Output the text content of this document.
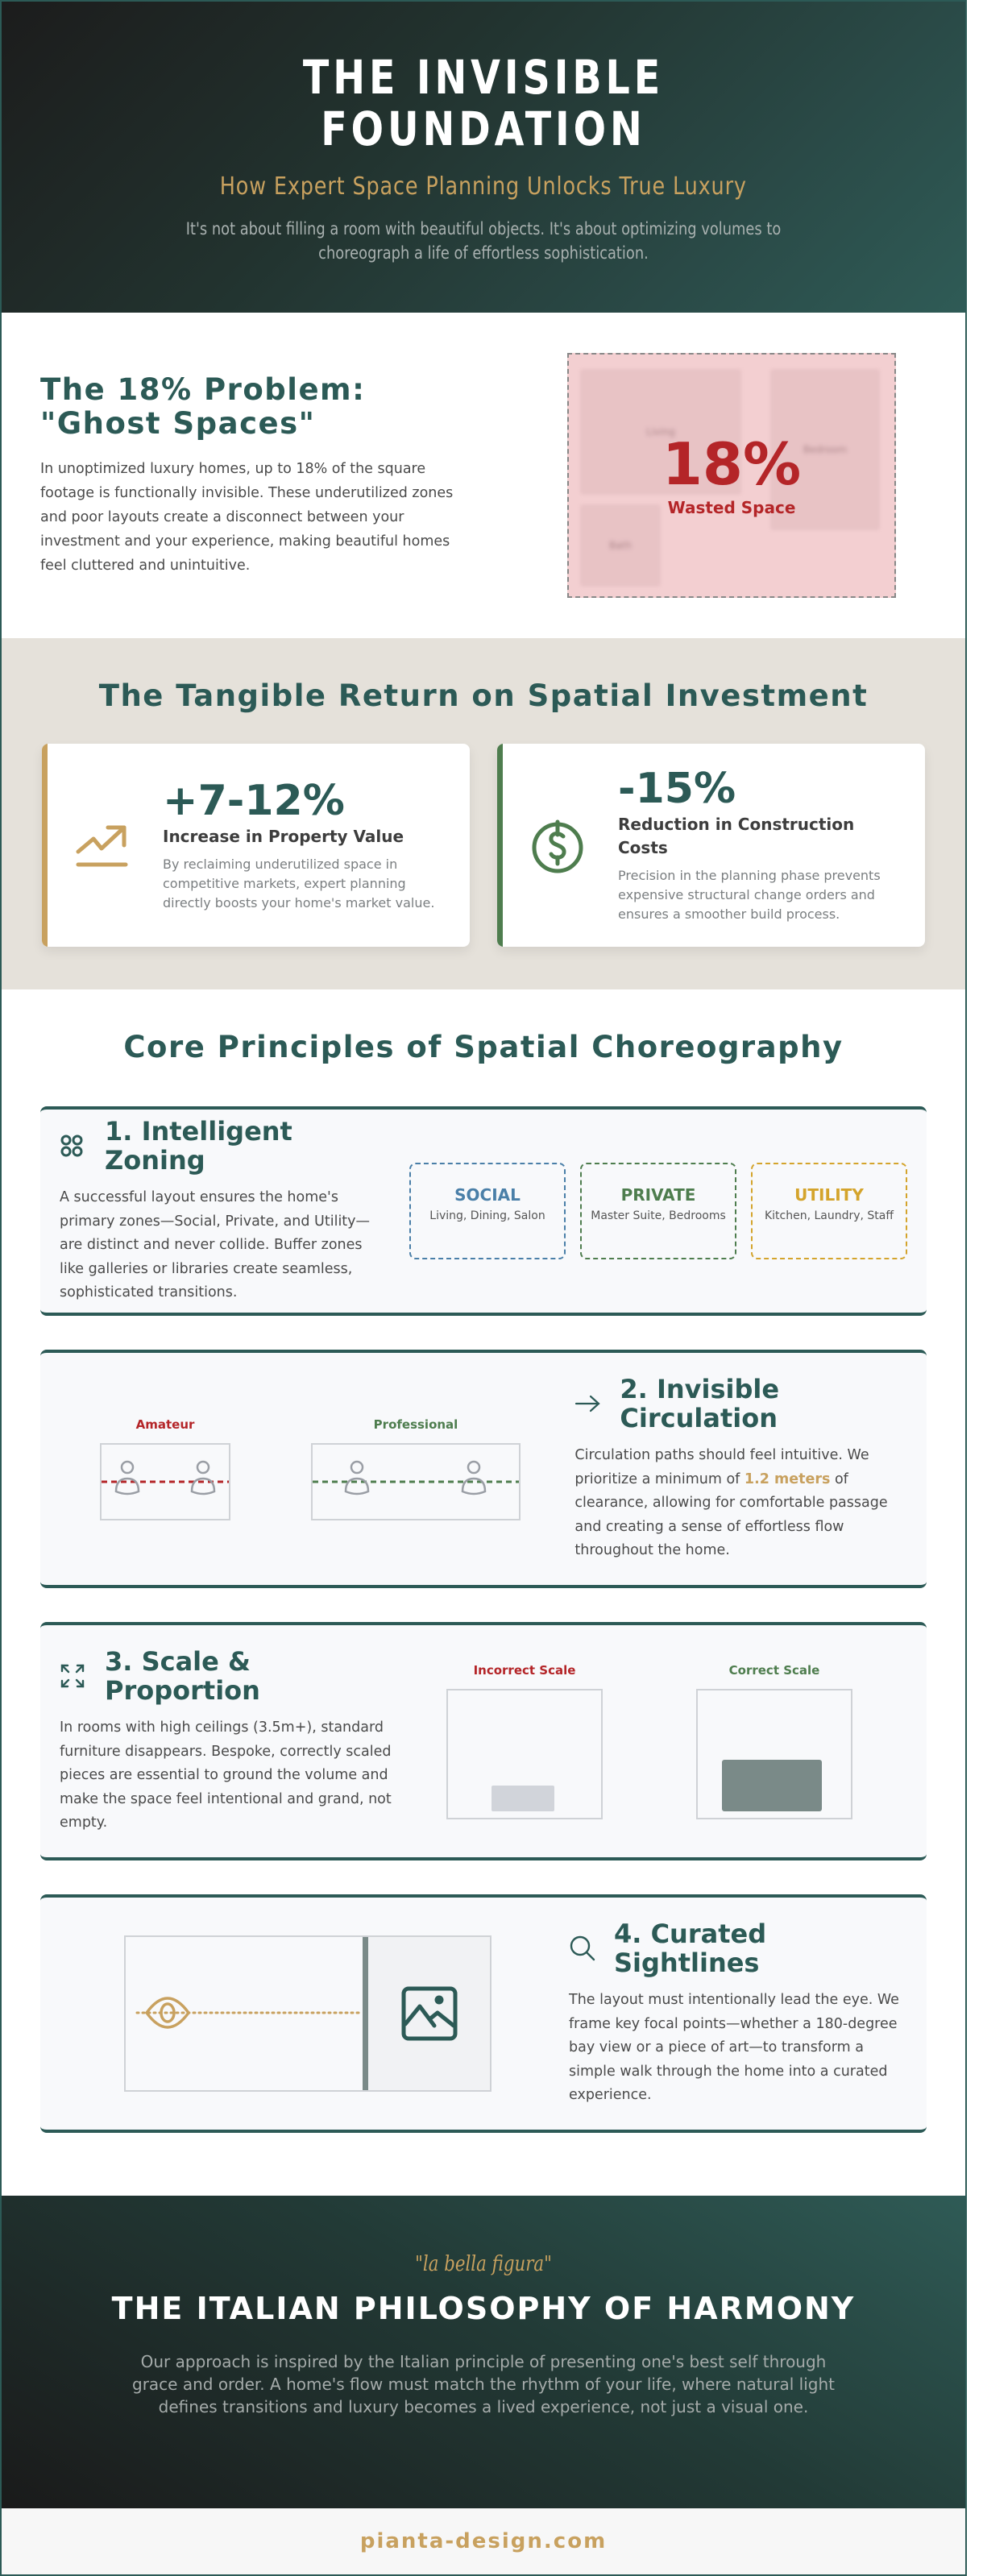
THE INVISIBLE FOUNDATION
How Expert Space Planning Unlocks True Luxury

It's not about filling a room with beautiful objects. It's about optimizing volumes to choreograph a life of effortless sophistication.

The 18% Problem: "Ghost Spaces"

In unoptimized luxury homes, up to 18% of the square footage is functionally invisible. These underutilized zones and poor layouts create a disconnect between your investment and your experience, making beautiful homes feel cluttered and unintuitive.

Living
Bedroom
Bath
18%
Wasted Space
The Tangible Return on Spatial Investment
+7-12%
Increase in Property Value
By reclaiming underutilized space in competitive markets, expert planning directly boosts your home's market value.
-15%
Reduction in Construction Costs
Precision in the planning phase prevents expensive structural change orders and ensures a smoother build process.
Core Principles of Spatial Choreography
1. Intelligent Zoning

A successful layout ensures the home's primary zones—Social, Private, and Utility—are distinct and never collide. Buffer zones like galleries or libraries create seamless, sophisticated transitions.

SOCIAL
Living, Dining, Salon
PRIVATE
Master Suite, Bedrooms
UTILITY
Kitchen, Laundry, Staff
Amateur	Professional
2. Invisible Circulation

Circulation paths should feel intuitive. We prioritize a minimum of 1.2 meters of clearance, allowing for comfortable passage and creating a sense of effortless flow throughout the home.

3. Scale & Proportion

In rooms with high ceilings (3.5m+), standard furniture disappears. Bespoke, correctly scaled pieces are essential to ground the volume and make the space feel intentional and grand, not empty.

Incorrect Scale	Correct Scale
4. Curated Sightlines

The layout must intentionally lead the eye. We frame key focal points—whether a 180-degree bay view or a piece of art—to transform a simple walk through the home into a curated experience.

"la bella figura"
THE ITALIAN PHILOSOPHY OF HARMONY

Our approach is inspired by the Italian principle of presenting one's best self through grace and order. A home's flow must match the rhythm of your life, where natural light defines transitions and luxury becomes a lived experience, not just a visual one.

pianta-design.com
